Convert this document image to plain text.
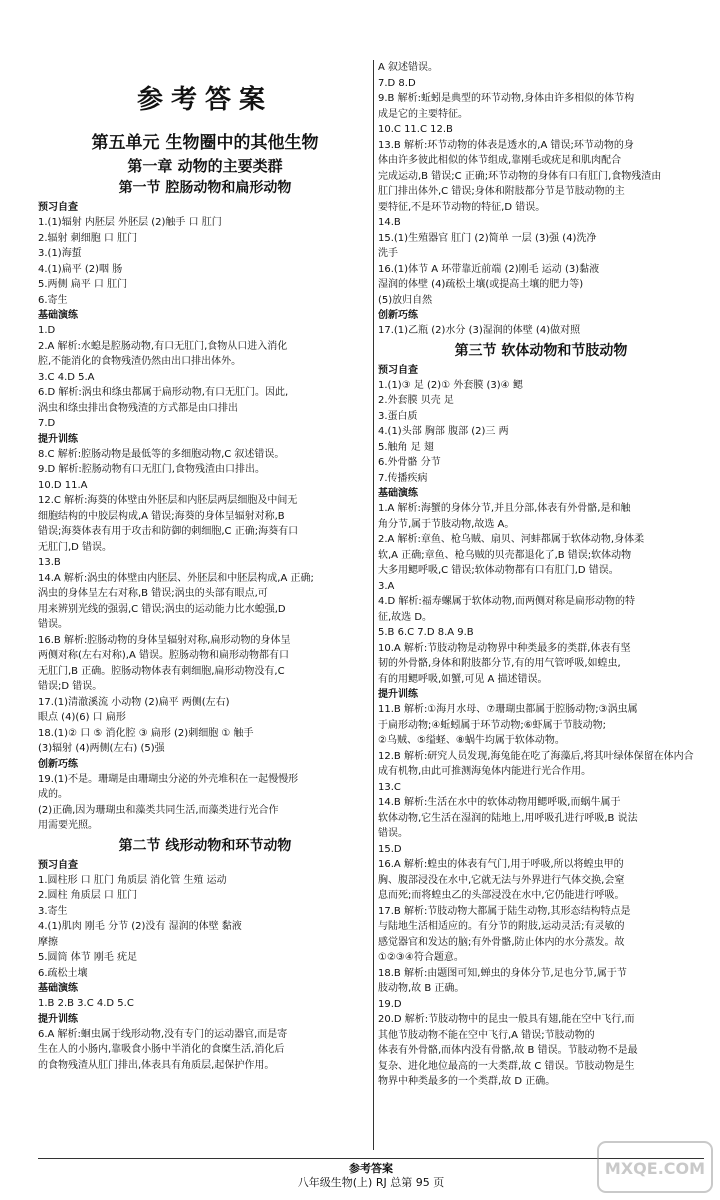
参考答案
第五单元 生物圈中的其他生物
第一章 动物的主要类群
第一节 腔肠动物和扁形动物
预习自查
1.(1)辐射 内胚层 外胚层 (2)触手 口 肛门
2.辐射 刺细胞 口 肛门
3.(1)海蜇
4.(1)扁平 (2)咽 肠
5.两侧 扁平 口 肛门
6.寄生
基础演练
1.D
2.A 解析:水螅是腔肠动物,有口无肛门,食物从口进入消化
腔,不能消化的食物残渣仍然由出口排出体外。
3.C 4.D 5.A
6.D 解析:涡虫和绦虫都属于扁形动物,有口无肛门。因此,
涡虫和绦虫排出食物残渣的方式都是由口排出
7.D
提升训练
8.C 解析:腔肠动物是最低等的多细胞动物,C 叙述错误。
9.D 解析:腔肠动物有口无肛门,食物残渣由口排出。
10.D 11.A
12.C 解析:海葵的体壁由外胚层和内胚层两层细胞及中间无
细胞结构的中胶层构成,A 错误;海葵的身体呈辐射对称,B
错误;海葵体表有用于攻击和防御的刺细胞,C 正确;海葵有口
无肛门,D 错误。
13.B
14.A 解析:涡虫的体壁由内胚层、外胚层和中胚层构成,A 正确;
涡虫的身体呈左右对称,B 错误;涡虫的头部有眼点,可
用来辨别光线的强弱,C 错误;涡虫的运动能力比水螅强,D
错误。
16.B 解析:腔肠动物的身体呈辐射对称,扁形动物的身体呈
两侧对称(左右对称),A 错误。腔肠动物和扁形动物都有口
无肛门,B 正确。腔肠动物体表有刺细胞,扁形动物没有,C
错误;D 错误。
17.(1)清澈溪流 小动物 (2)扁平 两侧(左右)
眼点 (4)(6) 口 扁形
18.(1)② 口 ⑤ 消化腔 ③ 扁形 (2)刺细胞 ① 触手
(3)辐射 (4)两侧(左右) (5)强
创新巧练
19.(1)不是。珊瑚是由珊瑚虫分泌的外壳堆积在一起慢慢形
成的。
(2)正确,因为珊瑚虫和藻类共同生活,而藻类进行光合作
用需要光照。
第二节 线形动物和环节动物
预习自查
1.圆柱形 口 肛门 角质层 消化管 生殖 运动
2.圆柱 角质层 口 肛门
3.寄生
4.(1)肌肉 刚毛 分节 (2)没有 湿润的体壁 黏液
摩擦
5.圆筒 体节 刚毛 疣足
6.疏松土壤
基础演练
1.B 2.B 3.C 4.D 5.C
提升训练
6.A 解析:蛔虫属于线形动物,没有专门的运动器官,而是寄
生在人的小肠内,靠吸食小肠中半消化的食糜生活,消化后
的食物残渣从肛门排出,体表具有角质层,起保护作用。
A 叙述错误。
7.D 8.D
9.B 解析:蚯蚓是典型的环节动物,身体由许多相似的体节构
成是它的主要特征。
10.C 11.C 12.B
13.B 解析:环节动物的体表是透水的,A 错误;环节动物的身
体由许多彼此相似的体节组成,靠刚毛或疣足和肌肉配合
完成运动,B 错误;C 正确;环节动物的身体有口有肛门,食物残渣由
肛门排出体外,C 错误;身体和附肢都分节是节肢动物的主
要特征,不是环节动物的特征,D 错误。
14.B
15.(1)生殖器官 肛门 (2)简单 一层 (3)强 (4)洗净
洗手
16.(1)体节 A 环带靠近前端 (2)刚毛 运动 (3)黏液
湿润的体壁 (4)疏松土壤(或提高土壤的肥力等)
(5)放归自然
创新巧练
17.(1)乙瓶 (2)水分 (3)湿润的体壁 (4)做对照
第三节 软体动物和节肢动物
预习自查
1.(1)③ 足 (2)① 外套膜 (3)④ 鳃
2.外套膜 贝壳 足
3.蛋白质
4.(1)头部 胸部 腹部 (2)三 两
5.触角 足 翅
6.外骨骼 分节
7.传播疾病
基础演练
1.A 解析:海蟹的身体分节,并且分部,体表有外骨骼,是和触
角分节,属于节肢动物,故选 A。
2.A 解析:章鱼、枪乌贼、扇贝、河蚌都属于软体动物,身体柔
软,A 正确;章鱼、枪乌贼的贝壳都退化了,B 错误;软体动物
大多用鳃呼吸,C 错误;软体动物都有口有肛门,D 错误。
3.A
4.D 解析:福寿螺属于软体动物,而两侧对称是扁形动物的特
征,故选 D。
5.B 6.C 7.D 8.A 9.B
10.A 解析:节肢动物是动物界中种类最多的类群,体表有坚
韧的外骨骼,身体和附肢都分节,有的用气管呼吸,如蝗虫,
有的用鳃呼吸,如蟹,可见 A 描述错误。
提升训练
11.B 解析:①海月水母、⑦珊瑚虫都属于腔肠动物;③涡虫属
于扁形动物;④蚯蚓属于环节动物;⑥虾属于节肢动物;
②乌贼、⑤缢蛏、⑧蜗牛均属于软体动物。
12.B 解析:研究人员发现,海兔能在吃了海藻后,将其叶绿体保留在体内合
成有机物,由此可推测海兔体内能进行光合作用。
13.C
14.B 解析:生活在水中的软体动物用鳃呼吸,而蜗牛属于
软体动物,它生活在湿润的陆地上,用呼吸孔进行呼吸,B 说法
错误。
15.D
16.A 解析:蝗虫的体表有气门,用于呼吸,所以将蝗虫甲的
胸、腹部浸没在水中,它就无法与外界进行气体交换,会窒
息而死;而将蝗虫乙的头部浸没在水中,它仍能进行呼吸。
17.B 解析:节肢动物大都属于陆生动物,其形态结构特点是
与陆地生活相适应的。有分节的附肢,运动灵活;有灵敏的
感觉器官和发达的脑;有外骨骼,防止体内的水分蒸发。故
①②③④符合题意。
18.B 解析:由题图可知,蝉虫的身体分节,足也分节,属于节
肢动物,故 B 正确。
19.D
20.D 解析:节肢动物中的昆虫一般具有翅,能在空中飞行,而
其他节肢动物不能在空中飞行,A 错误;节肢动物的
体表有外骨骼,而体内没有骨骼,故 B 错误。节肢动物不是最
复杂、进化地位最高的一大类群,故 C 错误。节肢动物是生
物界中种类最多的一个类群,故 D 正确。
参考答案
八年级生物(上) RJ 总第 95 页
MXQE.COM
